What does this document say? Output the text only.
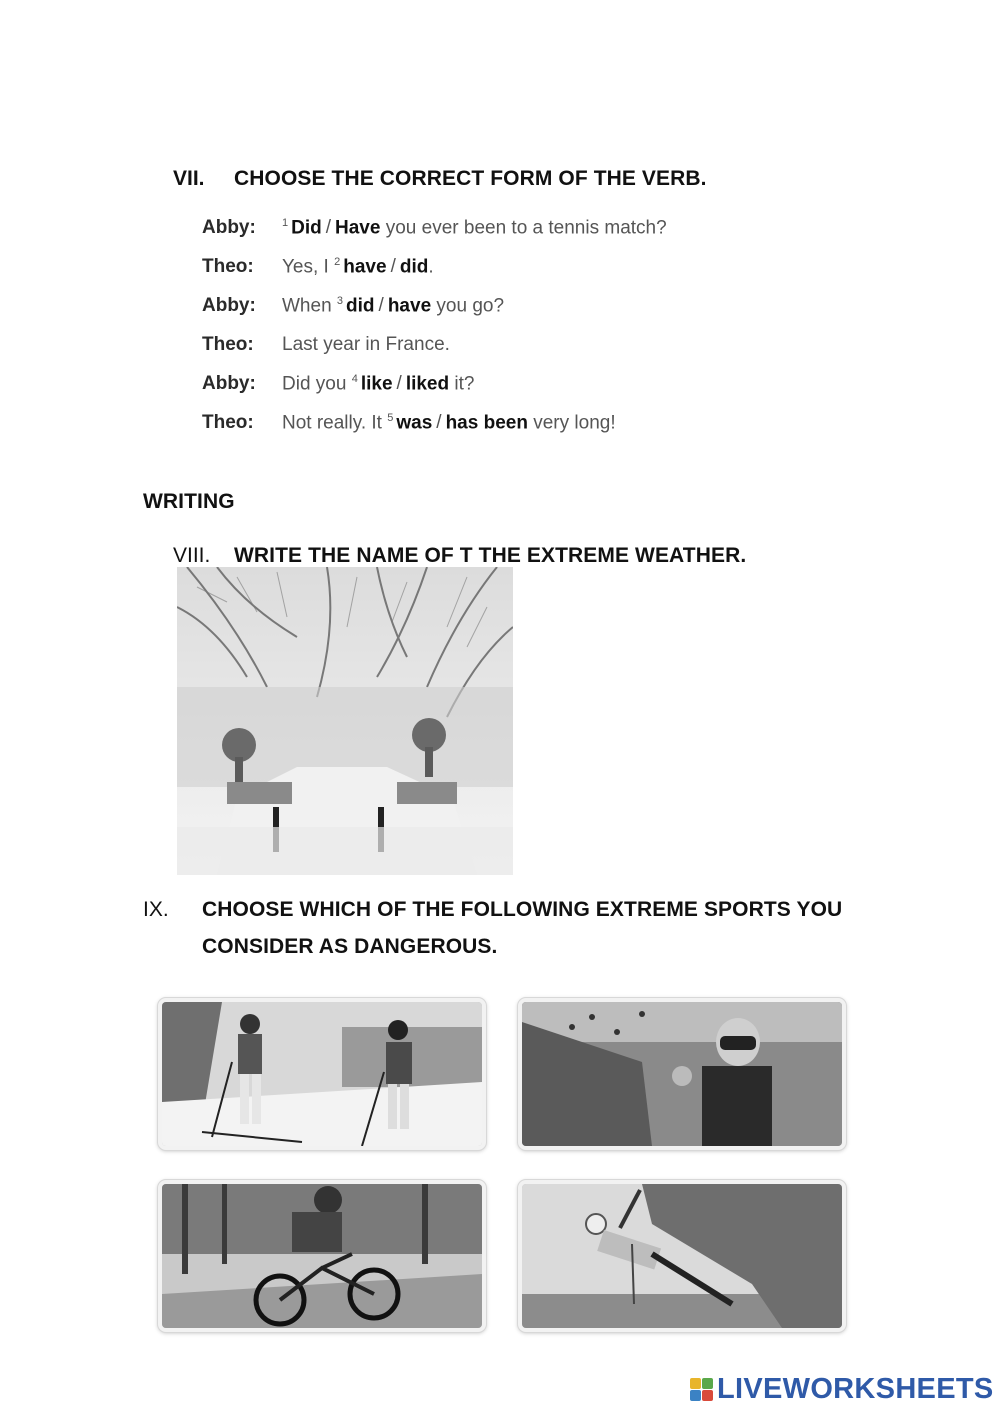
VII. CHOOSE THE CORRECT FORM OF THE VERB.
Abby:	$^1$ Did / Have you ever been to a tennis match?
Theo:	Yes, I $^2$ have / did.
Abby:	When $^3$ did / have you go?
Theo:	Last year in France.
Abby:	Did you $^4$ like / liked it?
Theo:	Not really. It $^5$ was / has been very long!
WRITING
VIII. WRITE THE NAME OF T THE EXTREME WEATHER.
IX. CHOOSE WHICH OF THE FOLLOWING EXTREME SPORTS YOU
CONSIDER AS DANGEROUS.
LIVEWORKSHEETS
